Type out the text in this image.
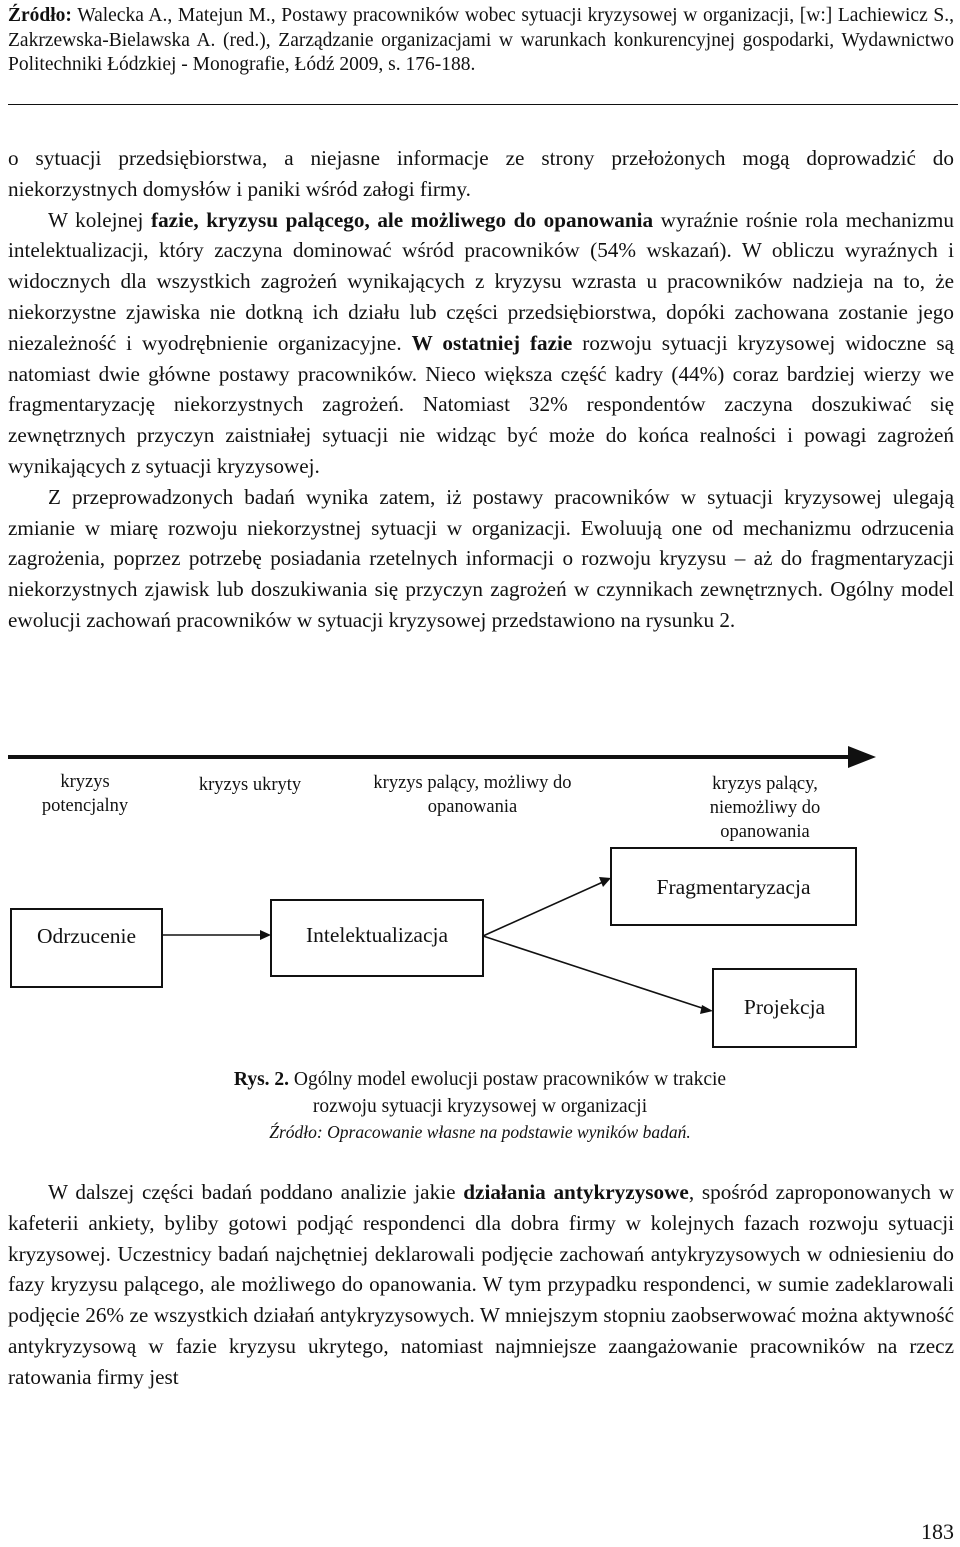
Źródło: Walecka A., Matejun M., Postawy pracowników wobec sytuacji kryzysowej w organizacji, [w:] Lachiewicz S., Zakrzewska-Bielawska A. (red.), Zarządzanie organizacjami w warunkach konkurencyjnej gospodarki, Wydawnictwo Politechniki Łódzkiej - Monografie, Łódź 2009, s. 176-188.

o sytuacji przedsiębiorstwa, a niejasne informacje ze strony przełożonych mogą doprowadzić do niekorzystnych domysłów i paniki wśród załogi firmy.

W kolejnej fazie, kryzysu palącego, ale możliwego do opanowania wyraźnie rośnie rola mechanizmu intelektualizacji, który zaczyna dominować wśród pracowników (54% wskazań). W obliczu wyraźnych i widocznych dla wszystkich zagrożeń wynikających z kryzysu wzrasta u pracowników nadzieja na to, że niekorzystne zjawiska nie dotkną ich działu lub części przedsiębiorstwa, dopóki zachowana zostanie jego niezależność i wyodrębnienie organizacyjne. W ostatniej fazie rozwoju sytuacji kryzysowej widoczne są natomiast dwie główne postawy pracowników. Nieco większa część kadry (44%) coraz bardziej wierzy we fragmentaryzację niekorzystnych zagrożeń. Natomiast 32% respondentów zaczyna doszukiwać się zewnętrznych przyczyn zaistniałej sytuacji nie widząc być może do końca realności i powagi zagrożeń wynikających z sytuacji kryzysowej.

Z przeprowadzonych badań wynika zatem, iż postawy pracowników w sytuacji kryzysowej ulegają zmianie w miarę rozwoju niekorzystnej sytuacji w organizacji. Ewoluują one od mechanizmu odrzucenia zagrożenia, poprzez potrzebę posiadania rzetelnych informacji o rozwoju kryzysu – aż do fragmentaryzacji niekorzystnych zjawisk lub doszukiwania się przyczyn zagrożeń w czynnikach zewnętrznych. Ogólny model ewolucji zachowań pracowników w sytuacji kryzysowej przedstawiono na rysunku 2.

kryzys
potencjalny
kryzys ukryty	kryzys palący, możliwy do
opanowania
kryzys palący,
niemożliwy do
opanowania
Odrzucenie	Intelektualizacja
Fragmentaryzacja
Projekcja
Rys. 2. Ogólny model ewolucji postaw pracowników w trakcie
rozwoju sytuacji kryzysowej w organizacji
Źródło: Opracowanie własne na podstawie wyników badań.

W dalszej części badań poddano analizie jakie działania antykryzysowe, spośród zaproponowanych w kafeterii ankiety, byliby gotowi podjąć respondenci dla dobra firmy w kolejnych fazach rozwoju sytuacji kryzysowej. Uczestnicy badań najchętniej deklarowali podjęcie zachowań antykryzysowych w odniesieniu do fazy kryzysu palącego, ale możliwego do opanowania. W tym przypadku respondenci, w sumie zadeklarowali podjęcie 26% ze wszystkich działań antykryzysowych. W mniejszym stopniu zaobserwować można aktywność antykryzysową w fazie kryzysu ukrytego, natomiast najmniejsze zaangażowanie pracowników na rzecz ratowania firmy jest

183
